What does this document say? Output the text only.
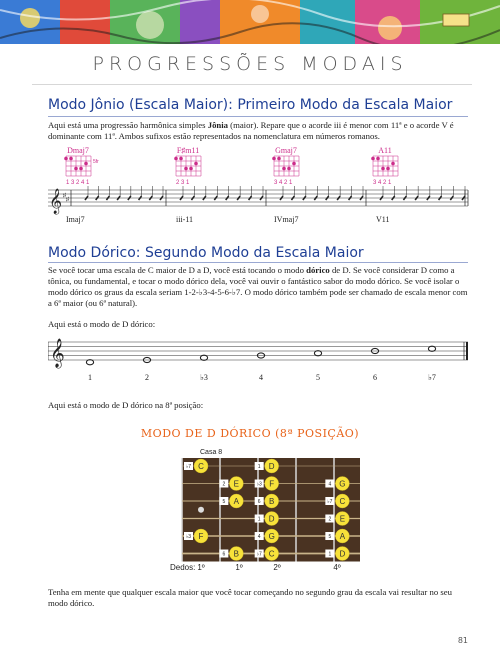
PROGRESSÕES MODAIS
Modo Jônio (Escala Maior): Primeiro Modo da Escala Maior
Aqui está uma progressão harmônica simples Jônia (maior). Repare que o acorde iii é menor com 11ª e o acorde V é dominante com 11ª. Ambos sufixos estão representados na nomenclatura em números romanos.
Dmaj7
5fr
1 3 2 4 1
F♯m11
2 3 1
Gmaj7
3 4 2 1
A11
3 4 2 1
𝄞 ♯
♯
Imaj7	iii-11	IVmaj7	V11
Modo Dórico: Segundo Modo da Escala Maior
Se você tocar uma escala de C maior de D a D, você está tocando o modo dórico de D. Se você considerar D como a tônica, ou fundamental, e tocar o modo dórico dela, você vai ouvir o fantástico sabor do modo dórico. Se você isolar o modo dórico os graus da escala seriam 1-2-♭3-4-5-6-♭7. O modo dórico também pode ser chamado de escala menor com a 6ª maior (ou 6ª natural).
Aqui está o modo de D dórico:
𝄞
1	2	♭3	4	5	6	♭7
Aqui está o modo de D dórico na 8ª posição:
MODO DE D DÓRICO (8ª POSIÇÃO)
Casa 8
C
♭7	D
1
E
2	F
♭3	G
4
A
5	B
6	C
♭7
D
1	E
2
F
♭3	G
4	A
5
B
6	C
♭7	D
1
Dedos: 1º	1º	2º	4º
Tenha em mente que qualquer escala maior que você tocar começando no segundo grau da escala vai resultar no seu modo dórico.
81
